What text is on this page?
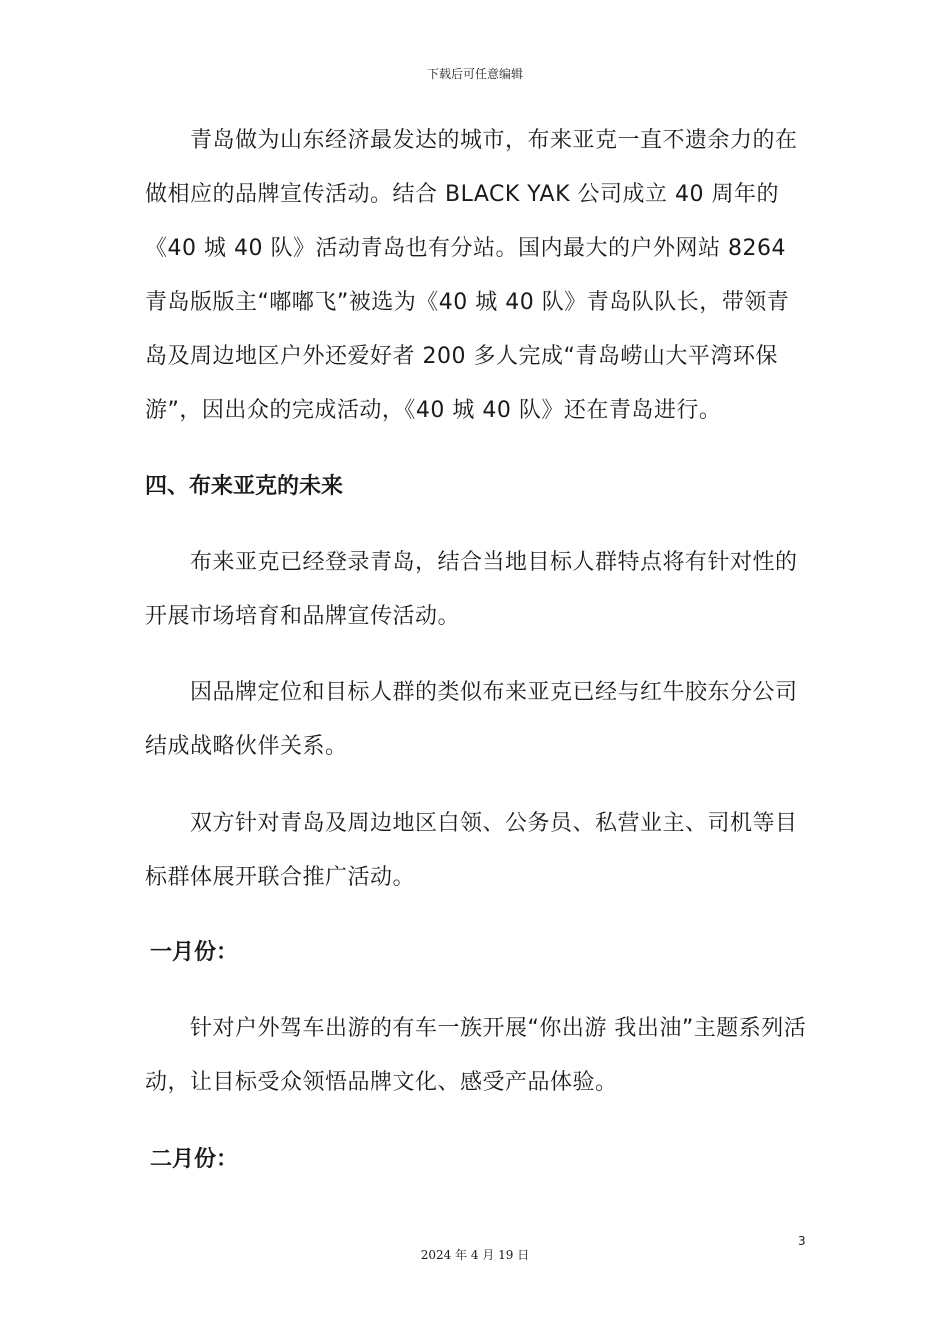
下载后可任意编辑

青岛做为山东经济最发达的城市，布来亚克一直不遗余力的在做相应的品牌宣传活动。结合 BLACK YAK 公司成立 40 周年的《40 城 40 队》活动青岛也有分站。国内最大的户外网站 8264 青岛版版主“嘟嘟飞”被选为《40 城 40 队》青岛队队长，带领青岛及周边地区户外还爱好者 200 多人完成“青岛崂山大平湾环保游”，因出众的完成活动，《40 城 40 队》还在青岛进行。

四、布来亚克的未来

布来亚克已经登录青岛，结合当地目标人群特点将有针对性的开展市场培育和品牌宣传活动。

因品牌定位和目标人群的类似布来亚克已经与红牛胶东分公司结成战略伙伴关系。

双方针对青岛及周边地区白领、公务员、私营业主、司机等目标群体展开联合推广活动。

一月份：

针对户外驾车出游的有车一族开展“你出游 我出油”主题系列活动，让目标受众领悟品牌文化、感受产品体验。

二月份：
3
2024 年 4 月 19 日
